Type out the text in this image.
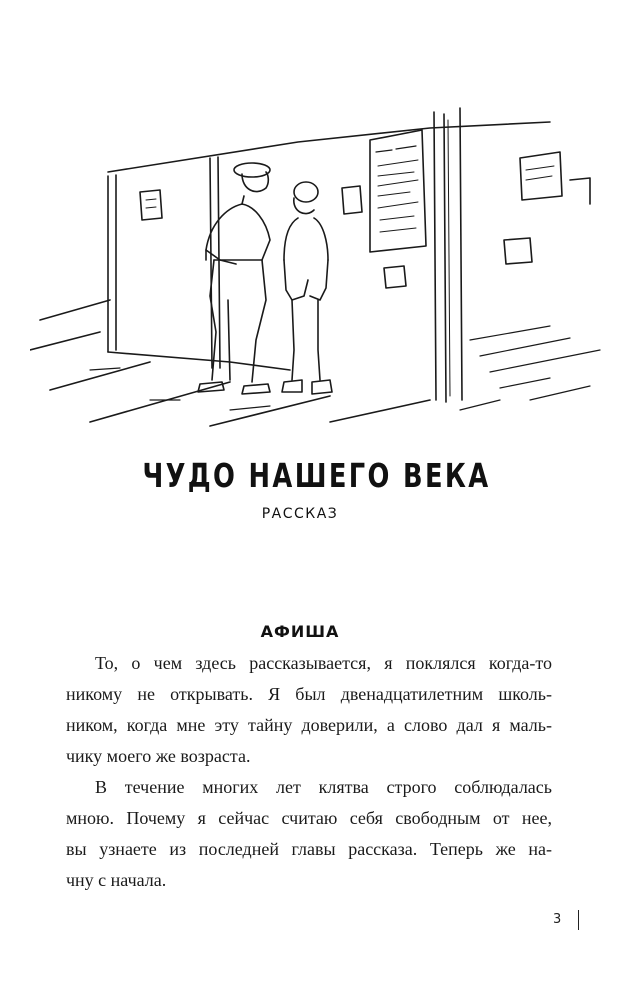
ЧУДО НАШЕГО ВЕКА
РАССКАЗ
АФИША
То, о чем здесь рассказывается, я поклялся когда-то
никому не открывать. Я был двенадцатилетним школь-
ником, когда мне эту тайну доверили, а слово дал я маль-
чику моего же возраста.
В течение многих лет клятва строго соблюдалась
мною. Почему я сейчас считаю себя свободным от нее,
вы узнаете из последней главы рассказа. Теперь же на-
чну с начала.
3
